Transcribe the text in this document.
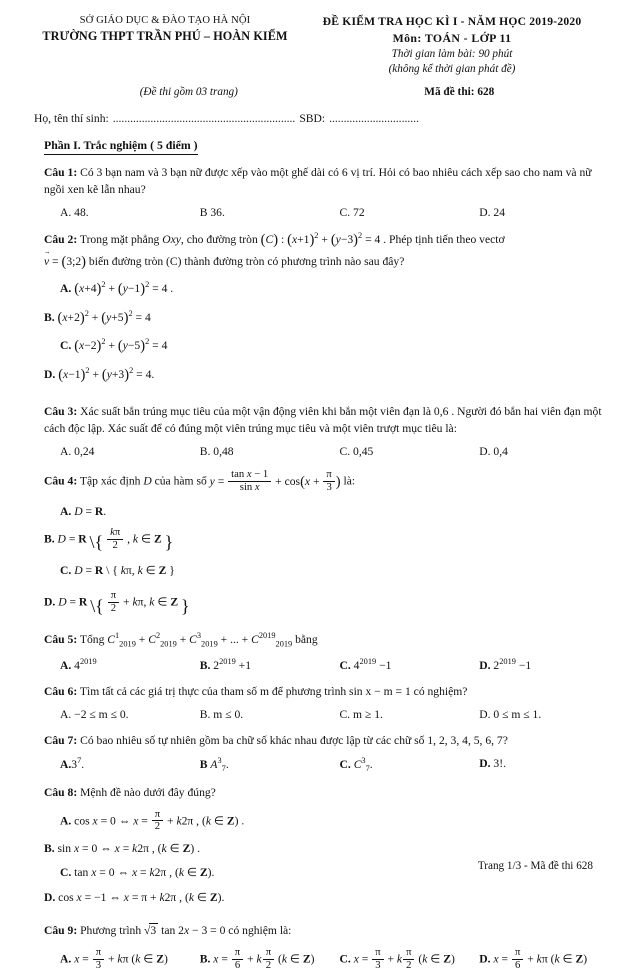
SỞ GIÁO DỤC & ĐÀO TẠO HÀ NỘI
TRƯỜNG THPT TRẦN PHÚ – HOÀN KIẾM
ĐỀ KIỂM TRA HỌC KÌ I - NĂM HỌC 2019-2020
Môn: TOÁN - LỚP 11
Thời gian làm bài: 90 phút
(không kể thời gian phát đề)
(Đề thi gồm 03 trang)	Mã đề thi: 628
Họ, tên thí sinh: ............................................................... SBD: ...............................
Phần I. Trắc nghiệm ( 5 điểm )
Câu 1: Có 3 bạn nam và 3 bạn nữ được xếp vào một ghế dài có 6 vị trí. Hỏi có bao nhiêu cách xếp sao cho nam và nữ ngồi xen kẽ lẫn nhau?
A. 48.	B 36.	C. 72	D. 24
Câu 2: Trong mặt phẳng Oxy, cho đường tròn (C) : $(x+1)^2 + (y-3)^2 = 4$ . Phép tịnh tiến theo vectơ
v → = (3;2) biến đường tròn (C) thành đường tròn có phương trình nào sau đây?
A. $(x+4)^2 + (y-1)^2 = 4$ .
B. $(x+2)^2 + (y+5)^2 = 4$
C. $(x-2)^2 + (y-5)^2 = 4$
D. $(x-1)^2 + (y+3)^2 = 4$.
Câu 3: Xác suất bắn trúng mục tiêu của một vận động viên khi bắn một viên đạn là 0,6 . Người đó bắn hai viên đạn một cách độc lập. Xác suất để có đúng một viên trúng mục tiêu và một viên trượt mục tiêu là:
A. 0,24	B. 0,48	C. 0,45	D. 0,4
Câu 4: Tập xác định D của hàm số $y = \frac{\text{tan x − 1}}{\text{sin x}} + \cos(x + \frac{\pi}{3}$ ) là:
A. D = R.
B. D = R \{ $\frac{k\pi}{2}$ , k ∈ Z }
C. D = R \ { kπ, k ∈ Z }
D. D = R \{ $\frac{\pi}{2} + k\pi$, k ∈ Z }
Câu 5: Tổng $C^1_{2019} + C^2_{2019} + C^3_{2019}$ + ... + $C^{2019}_{2019}$ bằng
A. $4^{2019}$	B. $2^{2019} +1$	C. $4^{2019} -1$	D. $2^{2019} -1$
Câu 6: Tìm tất cả các giá trị thực của tham số m để phương trình sin x − m = 1 có nghiệm?
A. −2 ≤ m ≤ 0.	B. m ≤ 0.	C. m ≥ 1.	D. 0 ≤ m ≤ 1.
Câu 7: Có bao nhiêu số tự nhiên gồm ba chữ số khác nhau được lập từ các chữ số 1, 2, 3, 4, 5, 6, 7?
$A.3^7$.	B $A^3_7$.	C. $C^3_7$.	D. 3!.
Câu 8: Mệnh đề nào dưới đây đúng?
A. cos x = 0 ⇔ $x = \frac{\pi}{2} + k2\pi$ , (k ∈ Z) .
B. sin x = 0 ⇔ x = k2π , (k ∈ Z) .
C. tan x = 0 ⇔ x = k2π , (k ∈ Z).
D. cos x = −1 ⇔ x = π + k2π , (k ∈ Z).
Câu 9: Phương trình √3 tan 2x − 3 = 0 có nghiệm là:
A. $x = \frac{\pi}{3} + k\pi$ (k ∈ Z)	B. $x = \frac{\pi}{6} + k \frac{\pi}{2} (k$ ∈ Z)	C. $x = \frac{\pi}{3} + k \frac{\pi}{2} (k$ ∈ Z)	D. $x = \frac{\pi}{6} + k\pi$ (k ∈ Z)
Trang 1/3 - Mã đề thi 628
